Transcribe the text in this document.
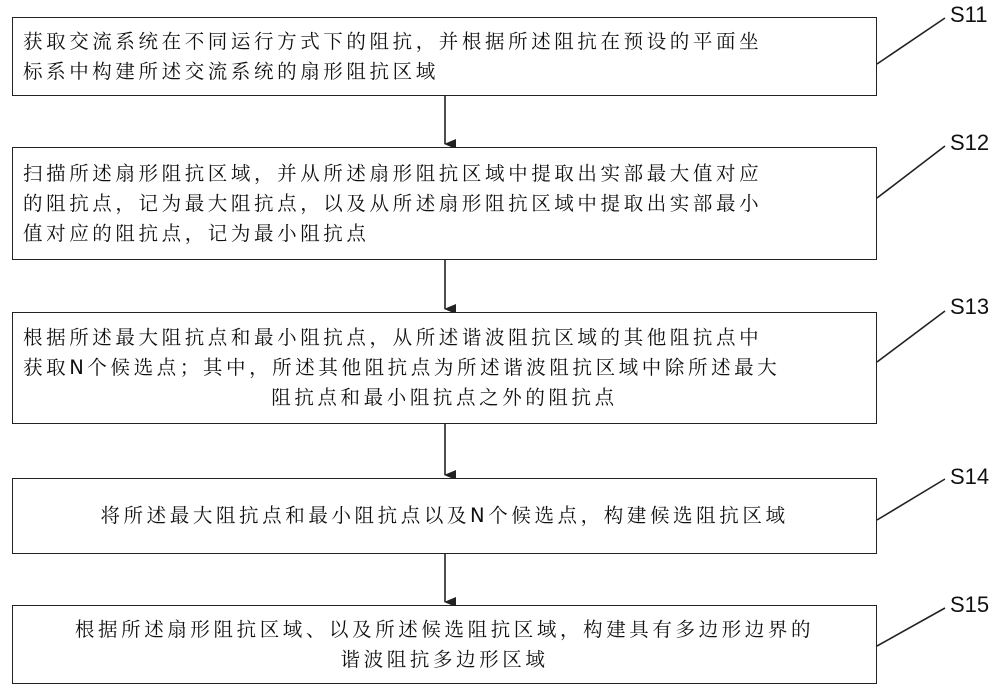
获取交流系统在不同运行方式下的阻抗，并根据所述阻抗在预设的平面坐
标系中构建所述交流系统的扇形阻抗区域
S11
扫描所述扇形阻抗区域，并从所述扇形阻抗区域中提取出实部最大值对应
的阻抗点，记为最大阻抗点，以及从所述扇形阻抗区域中提取出实部最小
值对应的阻抗点，记为最小阻抗点
S12
根据所述最大阻抗点和最小阻抗点，从所述谐波阻抗区域的其他阻抗点中
获取N个候选点；其中，所述其他阻抗点为所述谐波阻抗区域中除所述最大
阻抗点和最小阻抗点之外的阻抗点
S13
将所述最大阻抗点和最小阻抗点以及N个候选点，构建候选阻抗区域
S14
根据所述扇形阻抗区域、以及所述候选阻抗区域，构建具有多边形边界的
谐波阻抗多边形区域
S15
